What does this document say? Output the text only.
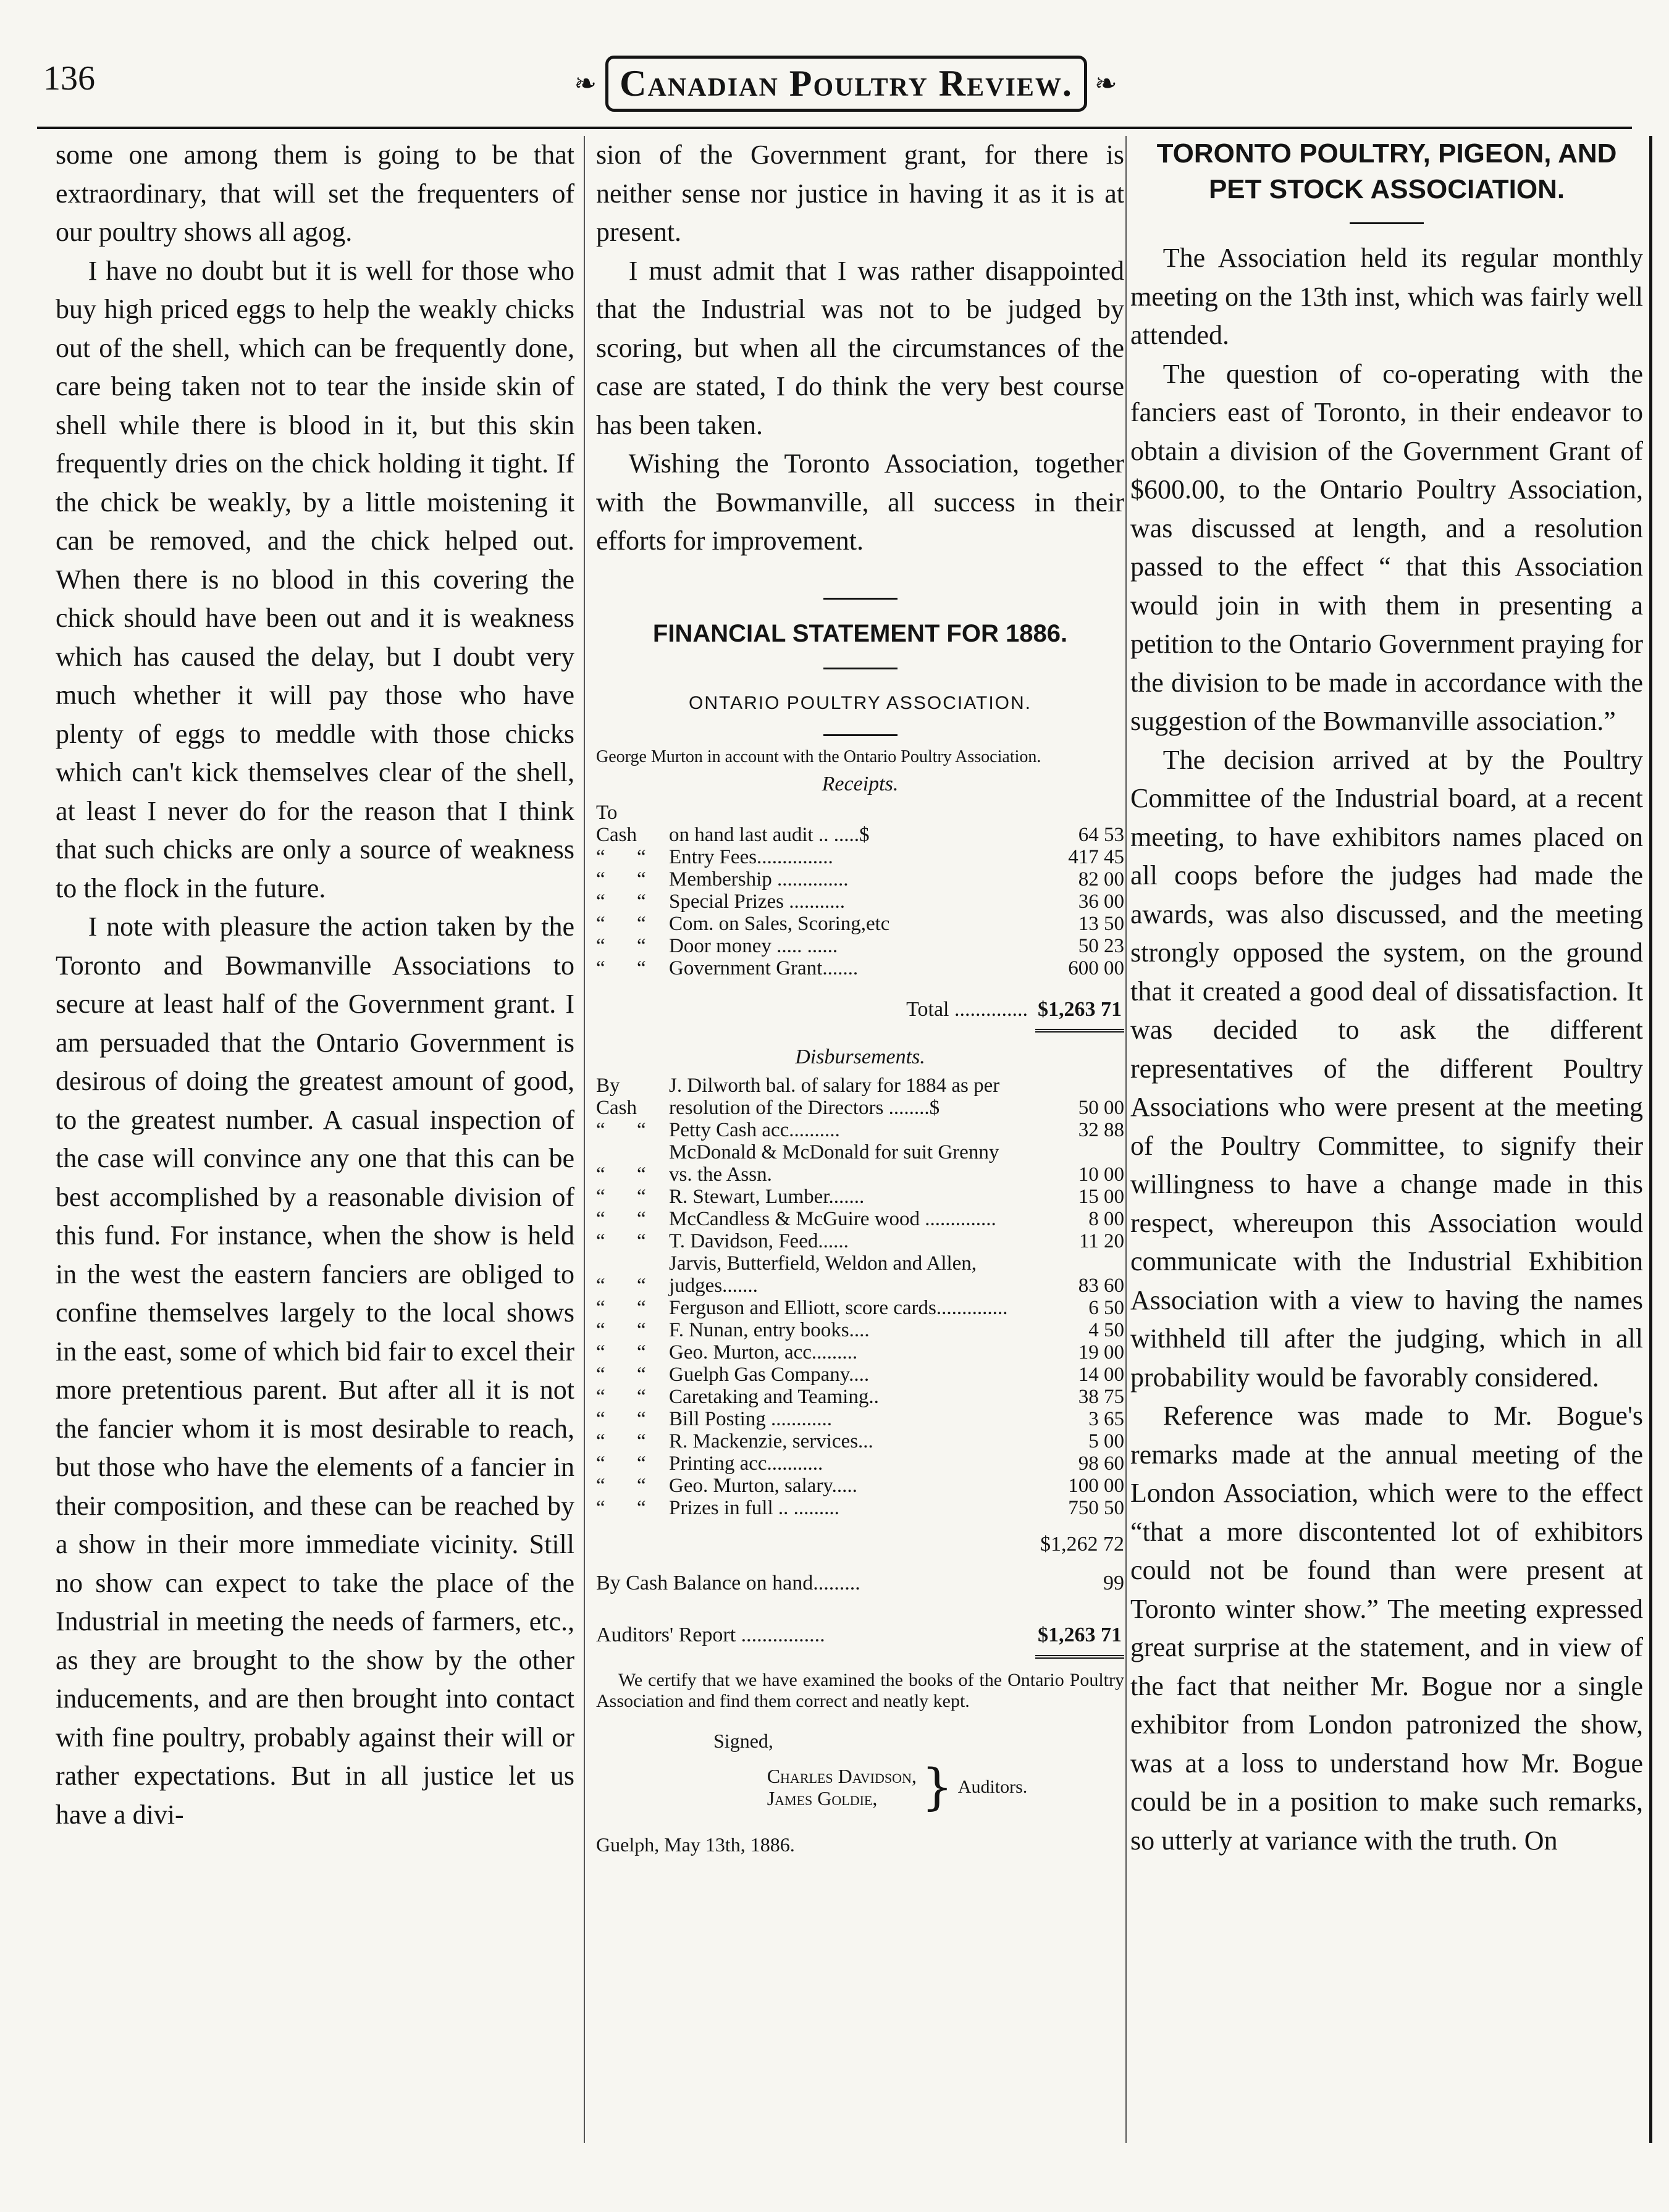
136	❧ Canadian Poultry Review. ❧

some one among them is going to be that extraordinary, that will set the frequenters of our poultry shows all agog.

I have no doubt but it is well for those who buy high priced eggs to help the weakly chicks out of the shell, which can be frequently done, care being taken not to tear the inside skin of shell while there is blood in it, but this skin frequently dries on the chick holding it tight. If the chick be weakly, by a little moistening it can be removed, and the chick helped out. When there is no blood in this covering the chick should have been out and it is weakness which has caused the delay, but I doubt very much whether it will pay those who have plenty of eggs to meddle with those chicks which can't kick themselves clear of the shell, at least I never do for the reason that I think that such chicks are only a source of weakness to the flock in the future.

I note with pleasure the action taken by the Toronto and Bowmanville Associations to secure at least half of the Government grant. I am persuaded that the Ontario Government is desirous of doing the greatest amount of good, to the greatest number. A casual inspection of the case will convince any one that this can be best accomplished by a reasonable division of this fund. For instance, when the show is held in the west the eastern fanciers are obliged to confine themselves largely to the local shows in the east, some of which bid fair to excel their more pretentious parent. But after all it is not the fancier whom it is most desirable to reach, but those who have the elements of a fancier in their composition, and these can be reached by a show in their more immediate vicinity. Still no show can expect to take the place of the Industrial in meeting the needs of farmers, etc., as they are brought to the show by the other inducements, and are then brought into contact with fine poultry, probably against their will or rather expectations. But in all justice let us have a divi-

sion of the Government grant, for there is neither sense nor justice in having it as it is at present.

I must admit that I was rather disappointed that the Industrial was not to be judged by scoring, but when all the circumstances of the case are stated, I do think the very best course has been taken.

Wishing the Toronto Association, together with the Bowmanville, all success in their efforts for improvement.

FINANCIAL STATEMENT FOR 1886.
ONTARIO POULTRY ASSOCIATION.

George Murton in account with the Ontario Poultry Association.

Receipts.
To Cash		on hand last audit .. .....$	64 53
“	“	Entry Fees...............	417 45
“	“	Membership ..............	82 00
“	“	Special Prizes ...........	36 00
“	“	Com. on Sales, Scoring,etc	13 50
“	“	Door money ..... ......	50 23
“	“	Government Grant.......	600 00
Total .............. $1,263 71
Disbursements.
By Cash		J. Dilworth bal. of salary for 1884 as per resolution of the Directors ........$	50 00
“	“	Petty Cash acc..........	32 88
“	“	McDonald & McDonald for suit Grenny vs. the Assn.	10 00
“	“	R. Stewart, Lumber.......	15 00
“	“	McCandless & McGuire wood ..............	8 00
“	“	T. Davidson, Feed......	11 20
“	“	Jarvis, Butterfield, Weldon and Allen, judges.......	83 60
“	“	Ferguson and Elliott, score cards..............	6 50
“	“	F. Nunan, entry books....	4 50
“	“	Geo. Murton, acc.........	19 00
“	“	Guelph Gas Company....	14 00
“	“	Caretaking and Teaming..	38 75
“	“	Bill Posting ............	3 65
“	“	R. Mackenzie, services...	5 00
“	“	Printing acc...........	98 60
“	“	Geo. Murton, salary.....	100 00
“	“	Prizes in full .. .........	750 50
$1,262 72
By Cash Balance on hand.........	99
Auditors' Report ................	$1,263 71

We certify that we have examined the books of the Ontario Poultry Association and find them correct and neatly kept.

Signed,
Charles Davidson,
James Goldie, } Auditors.
Guelph, May 13th, 1886.
TORONTO POULTRY, PIGEON, AND PET STOCK ASSOCIATION.

The Association held its regular monthly meeting on the 13th inst, which was fairly well attended.

The question of co-operating with the fanciers east of Toronto, in their endeavor to obtain a division of the Government Grant of $600.00, to the Ontario Poultry Association, was discussed at length, and a resolution passed to the effect “ that this Association would join in with them in presenting a petition to the Ontario Government praying for the division to be made in accordance with the suggestion of the Bowmanville association.”

The decision arrived at by the Poultry Committee of the Industrial board, at a recent meeting, to have exhibitors names placed on all coops before the judges had made the awards, was also discussed, and the meeting strongly opposed the system, on the ground that it created a good deal of dissatisfaction. It was decided to ask the different representatives of the different Poultry Associations who were present at the meeting of the Poultry Committee, to signify their willingness to have a change made in this respect, whereupon this Association would communicate with the Industrial Exhibition Association with a view to having the names withheld till after the judging, which in all probability would be favorably considered.

Reference was made to Mr. Bogue's remarks made at the annual meeting of the London Association, which were to the effect “that a more discontented lot of exhibitors could not be found than were present at Toronto winter show.” The meeting expressed great surprise at the statement, and in view of the fact that neither Mr. Bogue nor a single exhibitor from London patronized the show, was at a loss to understand how Mr. Bogue could be in a position to make such remarks, so utterly at variance with the truth. On
